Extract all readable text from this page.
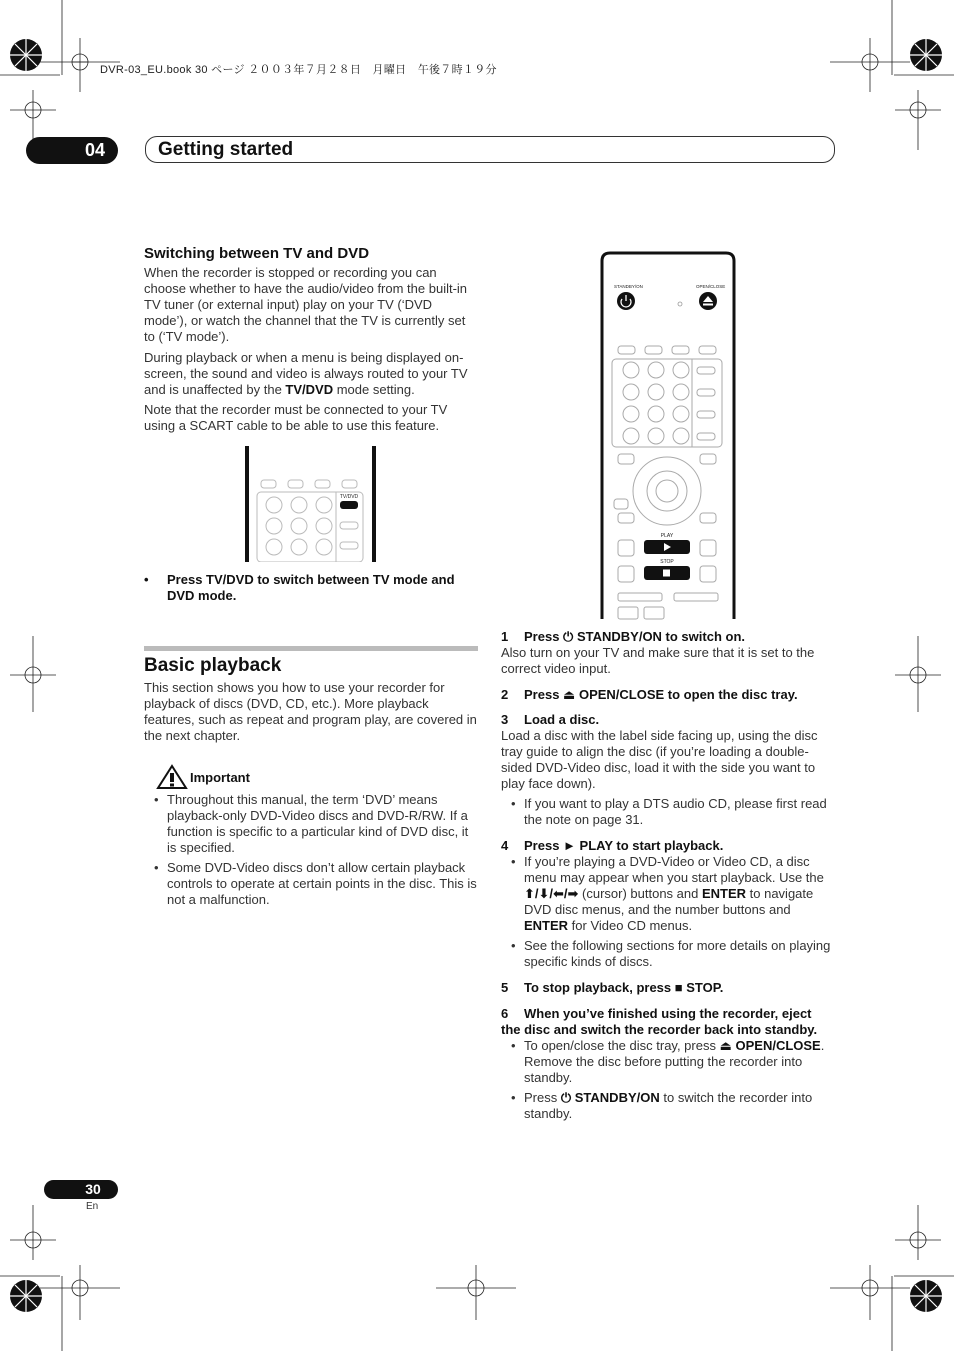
DVR-03_EU.book 30 ページ ２００３年７月２８日　月曜日　午後７時１９分
04	Getting started
Switching between TV and DVD

When the recorder is stopped or recording you can choose whether to have the audio/video from the built-in TV tuner (or external input) play on your TV (‘DVD mode’), or watch the channel that the TV is currently set to (‘TV mode’).

During playback or when a menu is being displayed on-screen, the sound and video is always routed to your TV and is unaffected by the TV/DVD mode setting.

Note that the recorder must be connected to your TV using a SCART cable to be able to use this feature.

TV/DVD
• Press TV/DVD to switch between TV mode and DVD mode.
Basic playback

This section shows you how to use your recorder for playback of discs (DVD, CD, etc.). More playback features, such as repeat and program play, are covered in the next chapter.

Important
• Throughout this manual, the term ‘DVD’ means playback-only DVD-Video discs and DVD-R/RW. If a function is specific to a particular kind of DVD disc, it is specified.
• Some DVD-Video discs don’t allow certain playback controls to operate at certain points in the disc. This is not a malfunction.
STANDBY/ON	OPEN/CLOSE
PLAY
STOP
1 Press ⏻ STANDBY/ON to switch on.

Also turn on your TV and make sure that it is set to the correct video input.

2 Press ⏏ OPEN/CLOSE to open the disc tray.
3 Load a disc.

Load a disc with the label side facing up, using the disc tray guide to align the disc (if you’re loading a double-sided DVD-Video disc, load it with the side you want to play face down).

• If you want to play a DTS audio CD, please first read the note on page 31.
4 Press ► PLAY to start playback.
• If you’re playing a DVD-Video or Video CD, a disc menu may appear when you start playback. Use the ⬆/⬇/⬅/➡ (cursor) buttons and ENTER to navigate DVD disc menus, and the number buttons and ENTER for Video CD menus.
• See the following sections for more details on playing specific kinds of discs.
5 To stop playback, press ■ STOP.
6 When you’ve finished using the recorder, eject the disc and switch the recorder back into standby.
• To open/close the disc tray, press ⏏ OPEN/CLOSE. Remove the disc before putting the recorder into standby.
• Press ⏻ STANDBY/ON to switch the recorder into standby.
30
En
